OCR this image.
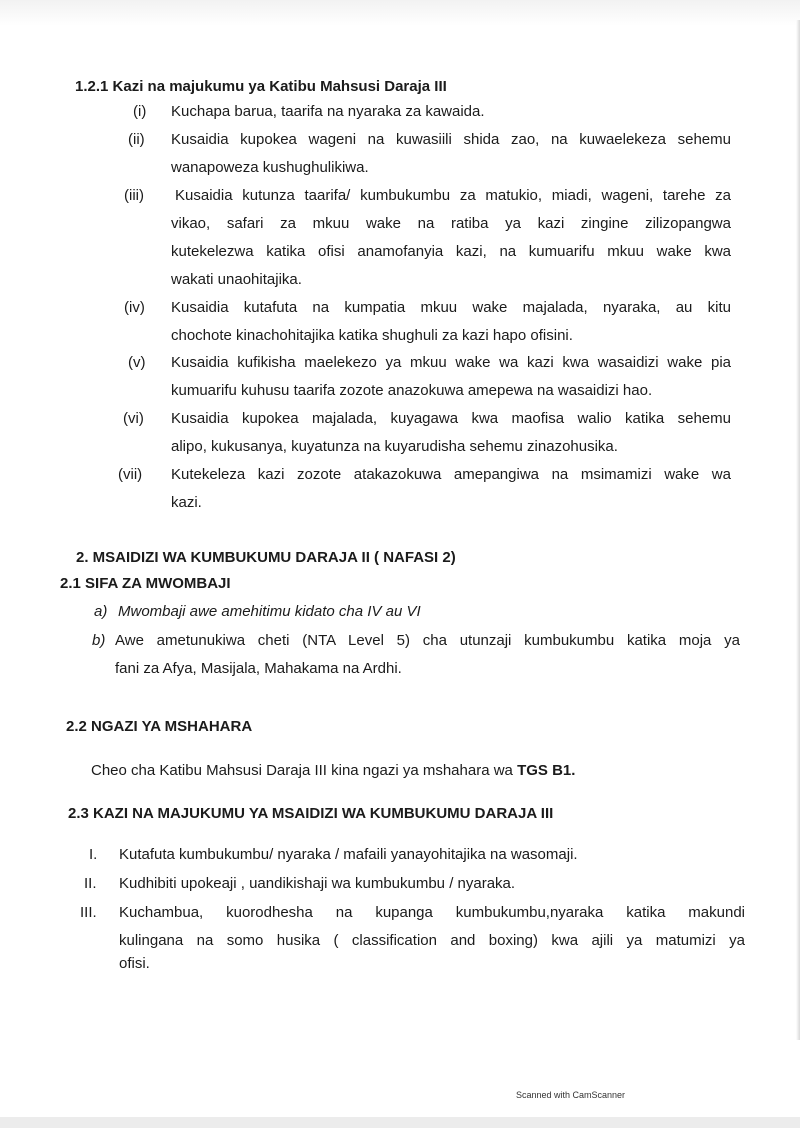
1.2.1 Kazi na majukumu ya Katibu Mahsusi Daraja III
(i) Kuchapa barua, taarifa na nyaraka za kawaida.
(ii) Kusaidia kupokea wageni na kuwasiili shida zao, na kuwaelekeza sehemu
wanapoweza kushughulikiwa.
(iii) Kusaidia kutunza taarifa/ kumbukumbu za matukio, miadi, wageni, tarehe za
vikao, safari za mkuu wake na ratiba ya kazi zingine zilizopangwa
kutekelezwa katika ofisi anamofanyia kazi, na kumuarifu mkuu wake kwa
wakati unaohitajika.
(iv) Kusaidia kutafuta na kumpatia mkuu wake majalada, nyaraka, au kitu
chochote kinachohitajika katika shughuli za kazi hapo ofisini.
(v) Kusaidia kufikisha maelekezo ya mkuu wake wa kazi kwa wasaidizi wake pia
kumuarifu kuhusu taarifa zozote anazokuwa amepewa na wasaidizi hao.
(vi) Kusaidia kupokea majalada, kuyagawa kwa maofisa walio katika sehemu
alipo, kukusanya, kuyatunza na kuyarudisha sehemu zinazohusika.
(vii) Kutekeleza kazi zozote atakazokuwa amepangiwa na msimamizi wake wa
kazi.
2. MSAIDIZI WA KUMBUKUMU DARAJA II ( NAFASI 2)
2.1 SIFA ZA MWOMBAJI
a) Mwombaji awe amehitimu kidato cha IV au VI
b) Awe ametunukiwa cheti (NTA Level 5) cha utunzaji kumbukumbu katika moja ya
fani za Afya, Masijala, Mahakama na Ardhi.
2.2 NGAZI YA MSHAHARA
Cheo cha Katibu Mahsusi Daraja III kina ngazi ya mshahara wa TGS B1.
2.3 KAZI NA MAJUKUMU YA MSAIDIZI WA KUMBUKUMU DARAJA III
I. Kutafuta kumbukumbu/ nyaraka / mafaili yanayohitajika na wasomaji.
II. Kudhibiti upokeaji , uandikishaji wa kumbukumbu / nyaraka.
III. Kuchambua, kuorodhesha na kupanga kumbukumbu,nyaraka katika makundi
kulingana na somo husika ( classification and boxing) kwa ajili ya matumizi ya
ofisi.
Scanned with CamScanner
